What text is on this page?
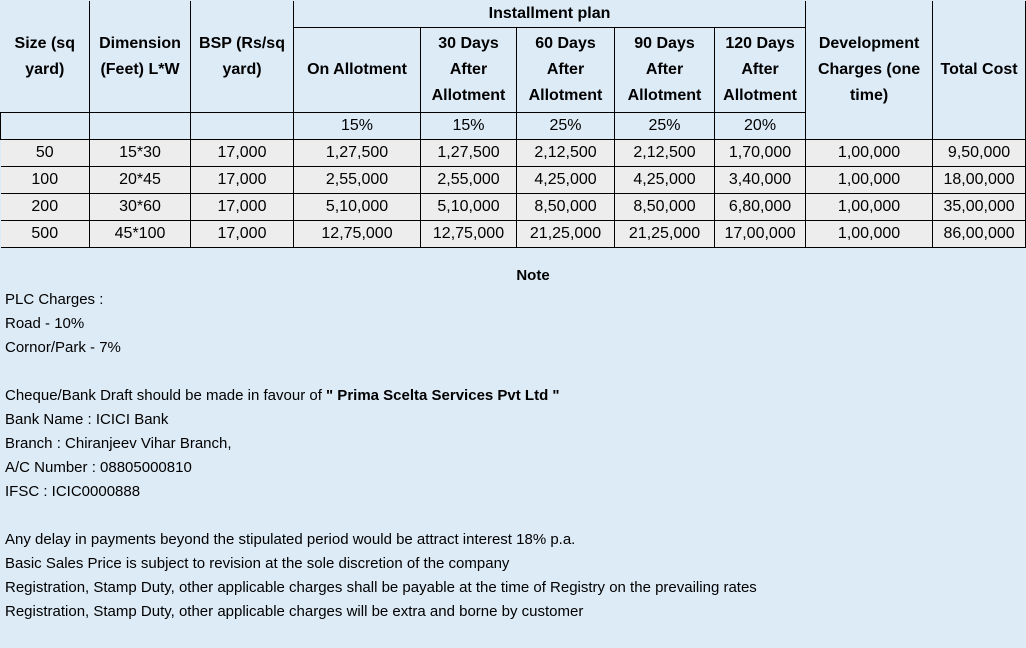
Size (sq yard)	Dimension (Feet) L*W	BSP (Rs/sq yard)	Installment plan					Development Charges (one time)	Total Cost
			On Allotment	30 Days After Allotment	60 Days After Allotment	90 Days After Allotment	120 Days After Allotment		
			15%	15%	25%	25%	20%		
50	15*30	17,000	1,27,500	1,27,500	2,12,500	2,12,500	1,70,000	1,00,000	9,50,000
100	20*45	17,000	2,55,000	2,55,000	4,25,000	4,25,000	3,40,000	1,00,000	18,00,000
200	30*60	17,000	5,10,000	5,10,000	8,50,000	8,50,000	6,80,000	1,00,000	35,00,000
500	45*100	17,000	12,75,000	12,75,000	21,25,000	21,25,000	17,00,000	1,00,000	86,00,000
Note
PLC Charges :
Road - 10%
Cornor/Park - 7%
Cheque/Bank Draft should be made in favour of " Prima Scelta Services Pvt Ltd "
Bank Name : ICICI Bank
Branch : Chiranjeev Vihar Branch,
A/C Number : 08805000810
IFSC : ICIC0000888
Any delay in payments beyond the stipulated period would be attract interest 18% p.a.
Basic Sales Price is subject to revision at the sole discretion of the company
Registration, Stamp Duty, other applicable charges shall be payable at the time of Registry on the prevailing rates
Registration, Stamp Duty, other applicable charges will be extra and borne by customer
